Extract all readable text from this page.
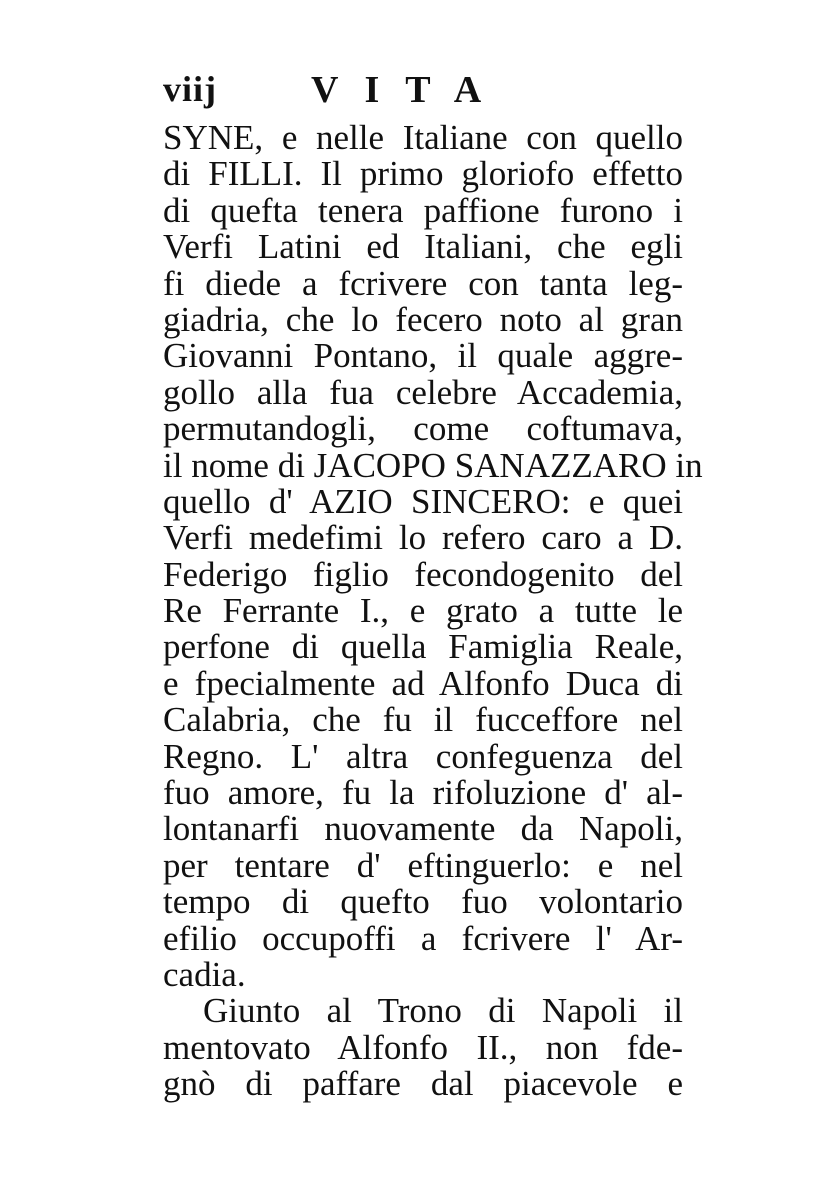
viij VITA
SYNE, e nelle Italiane con quello
di FILLI. Il primo gloriofo effetto
di quefta tenera paffione furono i
Verfi Latini ed Italiani, che egli
fi diede a fcrivere con tanta leg-
giadria, che lo fecero noto al gran
Giovanni Pontano, il quale aggre-
gollo alla fua celebre Accademia,
permutandogli, come coftumava,
il nome di JACOPO SANAZZARO in
quello d' AZIO SINCERO: e quei
Verfi medefimi lo refero caro a D.
Federigo figlio fecondogenito del
Re Ferrante I., e grato a tutte le
perfone di quella Famiglia Reale,
e fpecialmente ad Alfonfo Duca di
Calabria, che fu il fucceffore nel
Regno. L' altra confeguenza del
fuo amore, fu la rifoluzione d' al-
lontanarfi nuovamente da Napoli,
per tentare d' eftinguerlo: e nel
tempo di quefto fuo volontario
efilio occupoffi a fcrivere l' Ar-
cadia.
Giunto al Trono di Napoli il
mentovato Alfonfo II., non fde-
gnò di paffare dal piacevole e
